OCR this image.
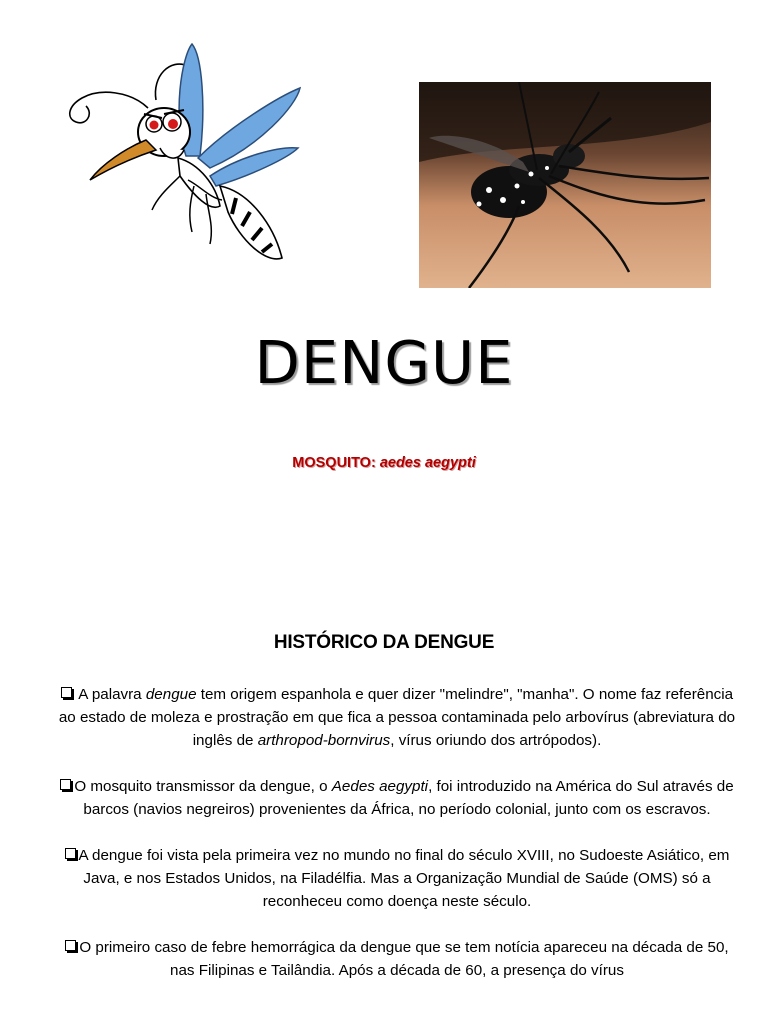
DENGUE
MOSQUITO: aedes aegypti
HISTÓRICO DA DENGUE

A palavra dengue tem origem espanhola e quer dizer "melindre", "manha". O nome faz referência ao estado de moleza e prostração em que fica a pessoa contaminada pelo arbovírus (abreviatura do inglês de arthropod-bornvirus, vírus oriundo dos artrópodos).

O mosquito transmissor da dengue, o Aedes aegypti, foi introduzido na América do Sul através de barcos (navios negreiros) provenientes da África, no período colonial, junto com os escravos.

A dengue foi vista pela primeira vez no mundo no final do século XVIII, no Sudoeste Asiático, em Java, e nos Estados Unidos, na Filadélfia. Mas a Organização Mundial de Saúde (OMS) só a reconheceu como doença neste século.

O primeiro caso de febre hemorrágica da dengue que se tem notícia apareceu na década de 50, nas Filipinas e Tailândia. Após a década de 60, a presença do vírus
